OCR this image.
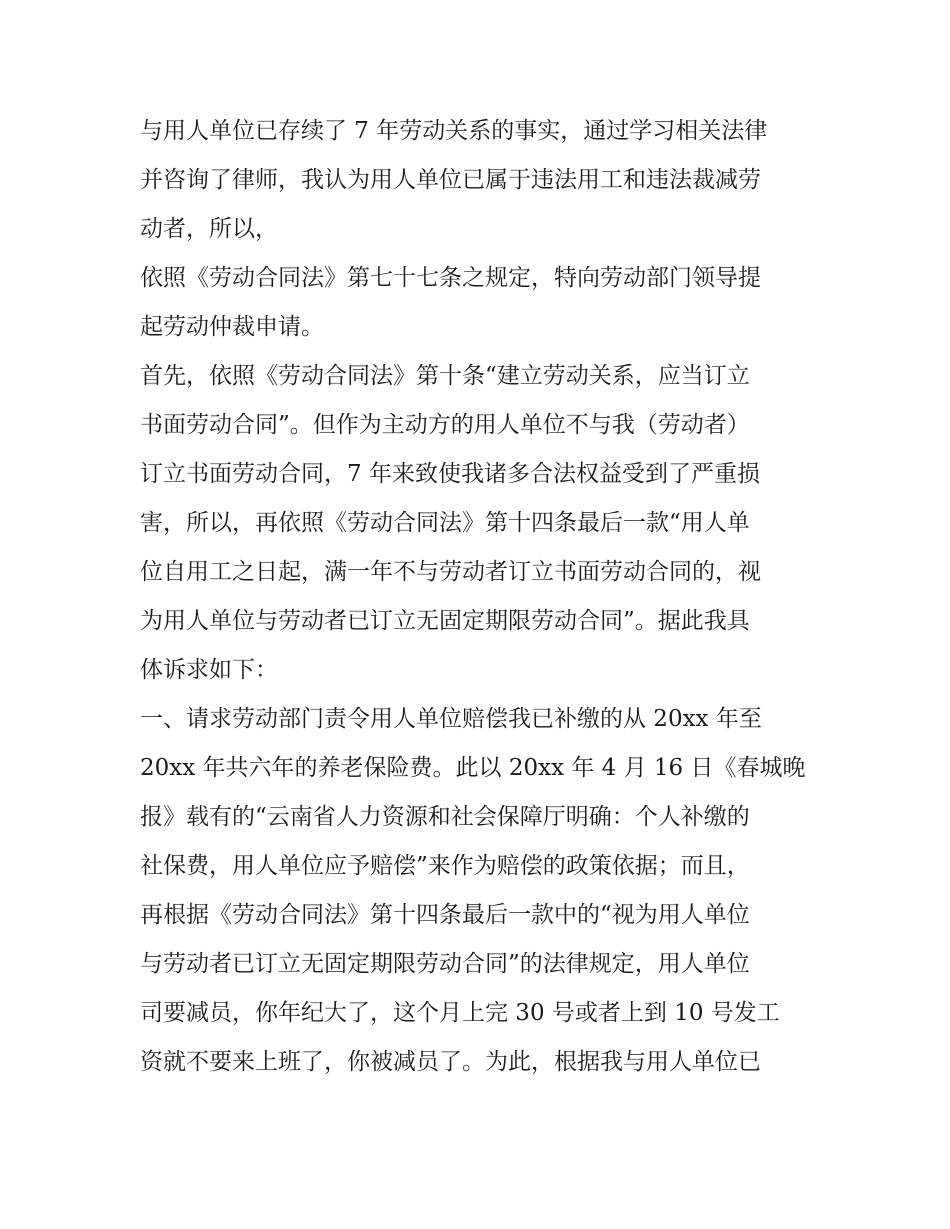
与用人单位已存续了 7 年劳动关系的事实，通过学习相关法律
并咨询了律师，我认为用人单位已属于违法用工和违法裁减劳
动者，所以，
依照《劳动合同法》第七十七条之规定，特向劳动部门领导提
起劳动仲裁申请。
首先，依照《劳动合同法》第十条“建立劳动关系，应当订立
书面劳动合同”。但作为主动方的用人单位不与我（劳动者）
订立书面劳动合同，7 年来致使我诸多合法权益受到了严重损
害，所以，再依照《劳动合同法》第十四条最后一款“用人单
位自用工之日起，满一年不与劳动者订立书面劳动合同的，视
为用人单位与劳动者已订立无固定期限劳动合同”。据此我具
体诉求如下：
一、请求劳动部门责令用人单位赔偿我已补缴的从 20xx 年至
20xx 年共六年的养老保险费。此以 20xx 年 4 月 16 日《春城晚
报》载有的“云南省人力资源和社会保障厅明确：个人补缴的
社保费，用人单位应予赔偿”来作为赔偿的政策依据；而且，
再根据《劳动合同法》第十四条最后一款中的“视为用人单位
与劳动者已订立无固定期限劳动合同”的法律规定，用人单位
司要减员，你年纪大了，这个月上完 30 号或者上到 10 号发工
资就不要来上班了，你被减员了。为此，根据我与用人单位已
